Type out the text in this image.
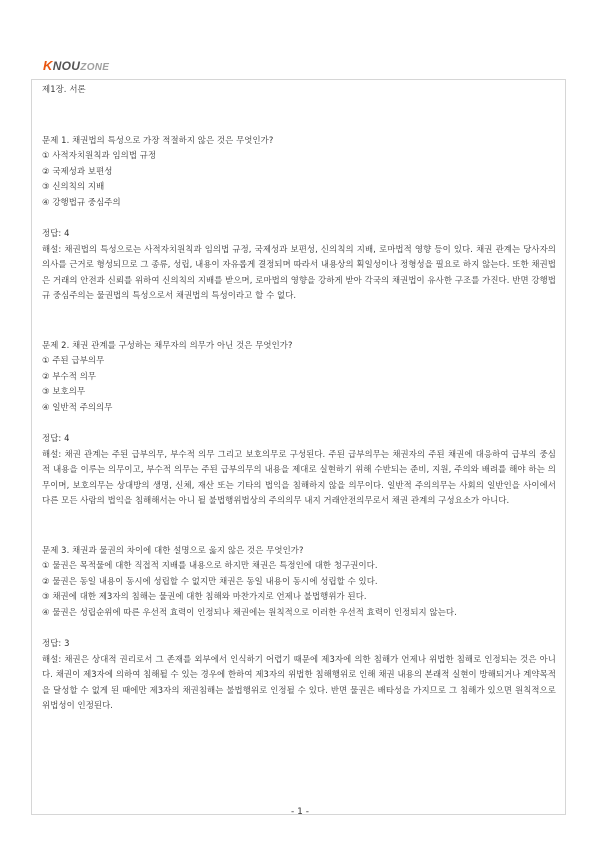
KNOUZONE

제1장. 서론

문제 1. 채권법의 특성으로 가장 적절하지 않은 것은 무엇인가?

① 사적자치원칙과 임의법 규정

② 국제성과 보편성

③ 신의칙의 지배

④ 강행법규 중심주의

정답: 4

해설: 채권법의 특성으로는 사적자치원칙과 임의법 규정, 국제성과 보편성, 신의칙의 지배, 로마법적 영향 등이 있다. 채권 관계는 당사자의 의사를 근거로 형성되므로 그 종류, 성립, 내용이 자유롭게 결정되며 따라서 내용상의 획일성이나 정형성을 필요로 하지 않는다. 또한 채권법은 거래의 안전과 신뢰를 위하여 신의칙의 지배를 받으며, 로마법의 영향을 강하게 받아 각국의 채권법이 유사한 구조를 가진다. 반면 강행법규 중심주의는 물권법의 특성으로서 채권법의 특성이라고 할 수 없다.

문제 2. 채권 관계를 구성하는 채무자의 의무가 아닌 것은 무엇인가?

① 주된 급부의무

② 부수적 의무

③ 보호의무

④ 일반적 주의의무

정답: 4

해설: 채권 관계는 주된 급부의무, 부수적 의무 그리고 보호의무로 구성된다. 주된 급부의무는 채권자의 주된 채권에 대응하여 급부의 중심적 내용을 이루는 의무이고, 부수적 의무는 주된 급부의무의 내용을 제대로 실현하기 위해 수반되는 준비, 지원, 주의와 배려를 해야 하는 의무이며, 보호의무는 상대방의 생명, 신체, 재산 또는 기타의 법익을 침해하지 않을 의무이다. 일반적 주의의무는 사회의 일반인을 사이에서 다른 모든 사람의 법익을 침해해서는 아니 될 불법행위법상의 주의의무 내지 거래안전의무로서 채권 관계의 구성요소가 아니다.

문제 3. 채권과 물권의 차이에 대한 설명으로 옳지 않은 것은 무엇인가?

① 물권은 목적물에 대한 직접적 지배를 내용으로 하지만 채권은 특정인에 대한 청구권이다.

② 물권은 동일 내용이 동시에 성립할 수 없지만 채권은 동일 내용이 동시에 성립할 수 있다.

③ 채권에 대한 제3자의 침해는 물권에 대한 침해와 마찬가지로 언제나 불법행위가 된다.

④ 물권은 성립순위에 따른 우선적 효력이 인정되나 채권에는 원칙적으로 이러한 우선적 효력이 인정되지 않는다.

정답: 3

해설: 채권은 상대적 권리로서 그 존재를 외부에서 인식하기 어렵기 때문에 제3자에 의한 침해가 언제나 위법한 침해로 인정되는 것은 아니다. 채권이 제3자에 의하여 침해될 수 있는 경우에 한하여 제3자의 위법한 침해행위로 인해 채권 내용의 본래적 실현이 방해되거나 계약목적을 달성할 수 없게 된 때에만 제3자의 채권침해는 불법행위로 인정될 수 있다. 반면 물권은 배타성을 가지므로 그 침해가 있으면 원칙적으로 위법성이 인정된다.

- 1 -
